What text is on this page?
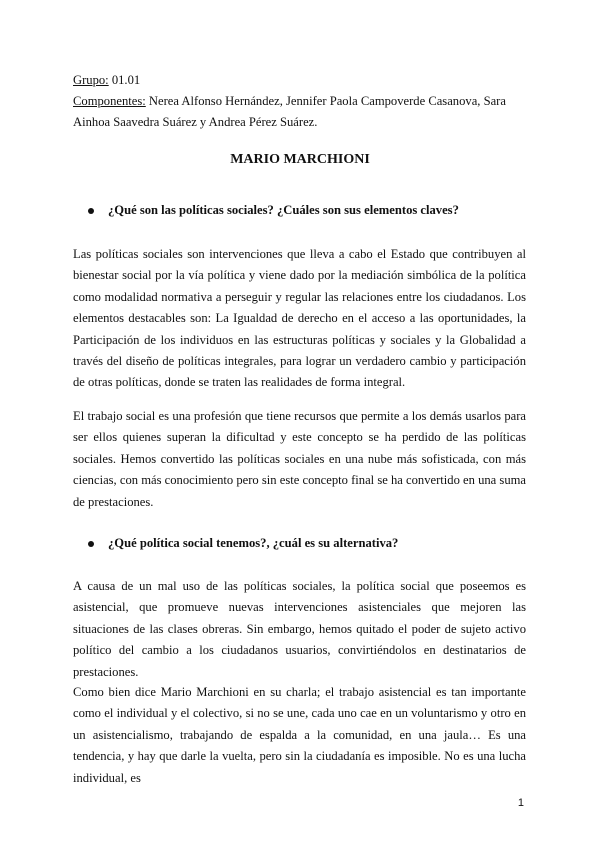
Grupo: 01.01
Componentes: Nerea Alfonso Hernández, Jennifer Paola Campoverde Casanova, Sara
Ainhoa Saavedra Suárez y Andrea Pérez Suárez.
MARIO MARCHIONI
¿Qué son las políticas sociales? ¿Cuáles son sus elementos claves?

Las políticas sociales son intervenciones que lleva a cabo el Estado que contribuyen al bienestar social por la vía política y viene dado por la mediación simbólica de la política como modalidad normativa a perseguir y regular las relaciones entre los ciudadanos. Los elementos destacables son: La Igualdad de derecho en el acceso a las oportunidades, la Participación de los individuos en las estructuras políticas y sociales y la Globalidad a través del diseño de políticas integrales, para lograr un verdadero cambio y participación de otras políticas, donde se traten las realidades de forma integral.

El trabajo social es una profesión que tiene recursos que permite a los demás usarlos para ser ellos quienes superan la dificultad y este concepto se ha perdido de las políticas sociales. Hemos convertido las políticas sociales en una nube más sofisticada, con más ciencias, con más conocimiento pero sin este concepto final se ha convertido en una suma de prestaciones.

¿Qué política social tenemos?, ¿cuál es su alternativa?

A causa de un mal uso de las políticas sociales, la política social que poseemos es asistencial, que promueve nuevas intervenciones asistenciales que mejoren las situaciones de las clases obreras. Sin embargo, hemos quitado el poder de sujeto activo político del cambio a los ciudadanos usuarios, convirtiéndolos en destinatarios de prestaciones.

Como bien dice Mario Marchioni en su charla; el trabajo asistencial es tan importante como el individual y el colectivo, si no se une, cada uno cae en un voluntarismo y otro en un asistencialismo, trabajando de espalda a la comunidad, en una jaula… Es una tendencia, y hay que darle la vuelta, pero sin la ciudadanía es imposible. No es una lucha individual, es

1
